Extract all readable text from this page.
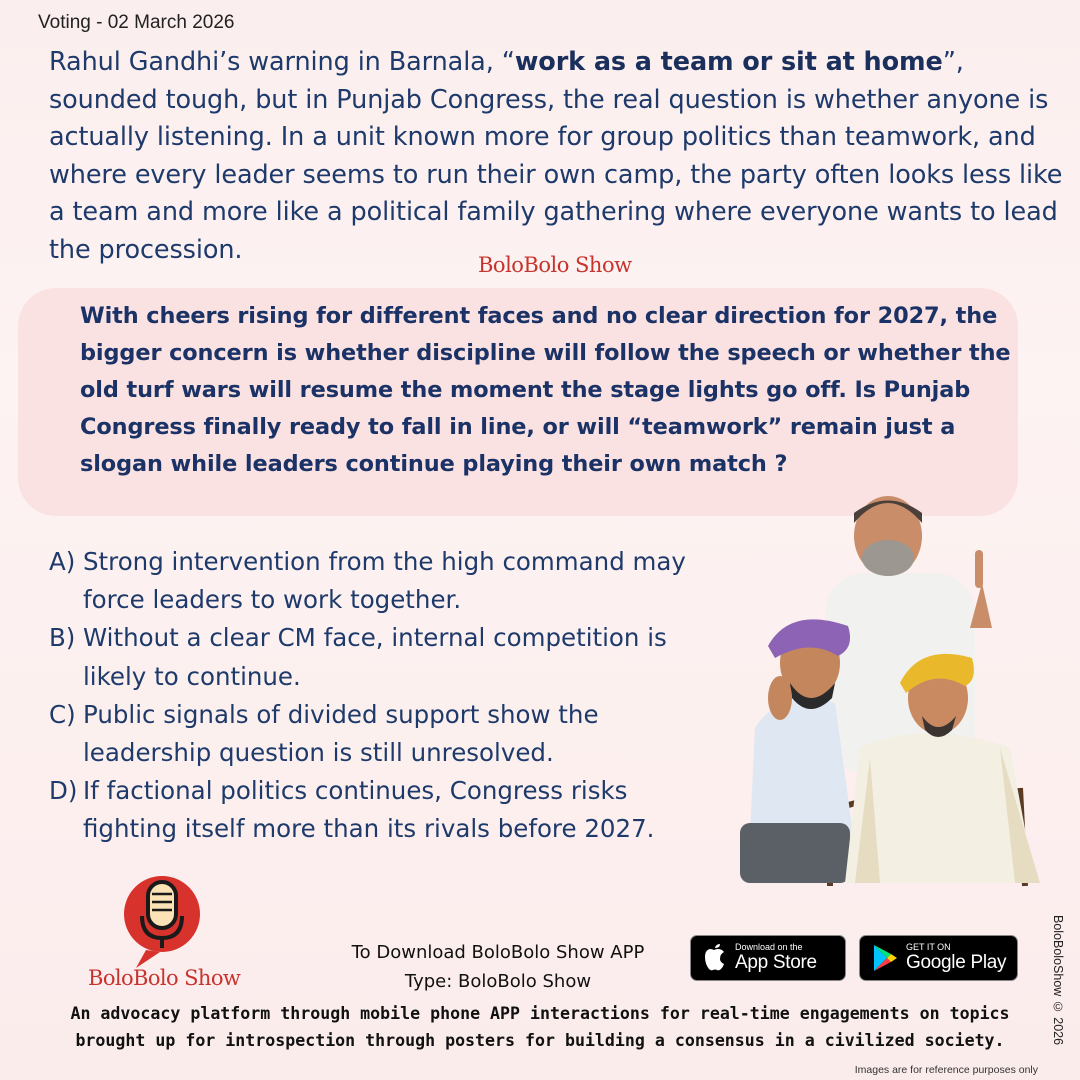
Voting - 02 March 2026

Rahul Gandhi’s warning in Barnala, “work as a team or sit at home”, sounded tough, but in Punjab Congress, the real question is whether anyone is actually listening. In a unit known more for group politics than teamwork, and where every leader seems to run their own camp, the party often looks less like a team and more like a political family gathering where everyone wants to lead the procession.

BoloBolo Show

With cheers rising for different faces and no clear direction for 2027, the bigger concern is whether discipline will follow the speech or whether the old turf wars will resume the moment the stage lights go off. Is Punjab Congress finally ready to fall in line, or will “teamwork” remain just a slogan while leaders continue playing their own match ?

A) Strong intervention from the high command may force leaders to work together.
B) Without a clear CM face, internal competition is likely to continue.
C) Public signals of divided support show the leadership question is still unresolved.
D) If factional politics continues, Congress risks fighting itself more than its rivals before 2027.
BoloBolo Show
To Download BoloBolo Show APP
Type: BoloBolo Show
Download on the
App Store
GET IT ON
Google Play
An advocacy platform through mobile phone APP interactions for real-time engagements on topics
brought up for introspection through posters for building a consensus in a civilized society.	BoloBoloShow © 2026
Images are for reference purposes only
